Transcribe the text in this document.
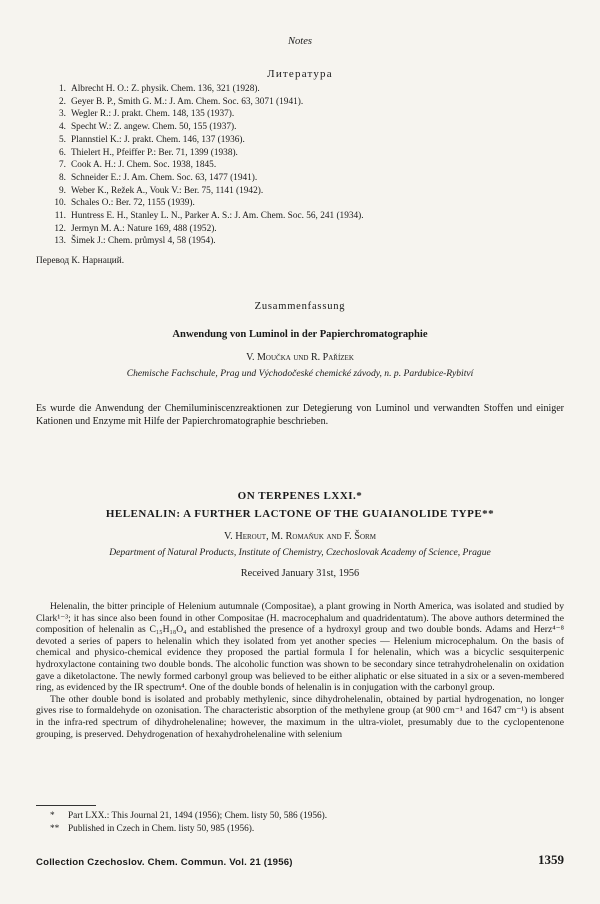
Notes
Литература
1. Albrecht H. O.: Z. physik. Chem. 136, 321 (1928).
2. Geyer B. P., Smith G. M.: J. Am. Chem. Soc. 63, 3071 (1941).
3. Wegler R.: J. prakt. Chem. 148, 135 (1937).
4. Specht W.: Z. angew. Chem. 50, 155 (1937).
5. Plannstiel K.: J. prakt. Chem. 146, 137 (1936).
6. Thielert H., Pfeiffer P.: Ber. 71, 1399 (1938).
7. Cook A. H.: J. Chem. Soc. 1938, 1845.
8. Schneider E.: J. Am. Chem. Soc. 63, 1477 (1941).
9. Weber K., Režek A., Vouk V.: Ber. 75, 1141 (1942).
10. Schales O.: Ber. 72, 1155 (1939).
11. Huntress E. H., Stanley L. N., Parker A. S.: J. Am. Chem. Soc. 56, 241 (1934).
12. Jermyn M. A.: Nature 169, 488 (1952).
13. Šimek J.: Chem. průmysl 4, 58 (1954).
Перевод К. Нарнаций.
Zusammenfassung
Anwendung von Luminol in der Papierchromatographie
V. Moučka und R. Pařízek
Chemische Fachschule, Prag und Východočeské chemické závody, n. p. Pardubice-Rybitví

Es wurde die Anwendung der Chemiluminiscenzreaktionen zur Detegierung von Luminol und verwandten Stoffen und einiger Kationen und Enzyme mit Hilfe der Papierchromatographie beschrieben.

ON TERPENES LXXI.*
HELENALIN: A FURTHER LACTONE OF THE GUAIANOLIDE TYPE**
V. Herout, M. Romaňuk and F. Šorm
Department of Natural Products, Institute of Chemistry, Czechoslovak Academy of Science, Prague
Received January 31st, 1956

Helenalin, the bitter principle of Helenium autumnale (Compositae), a plant growing in North America, was isolated and studied by Clark¹⁻³; it has since also been found in other Compositae (H. macrocephalum and quadridentatum). The above authors determined the composition of helenalin as C₁₅H₁₈O₄ and established the presence of a hydroxyl group and two double bonds. Adams and Herz⁴⁻⁸ devoted a series of papers to helenalin which they isolated from yet another species — Helenium microcephalum. On the basis of chemical and physico-chemical evidence they proposed the partial formula I for helenalin, which was a bicyclic sesquiterpenic hydroxylactone containing two double bonds. The alcoholic function was shown to be secondary since tetrahydrohelenalin on oxidation gave a diketolactone. The newly formed carbonyl group was believed to be either aliphatic or else situated in a six or a seven-membered ring, as evidenced by the IR spectrum⁴. One of the double bonds of helenalin is in conjugation with the carbonyl group.

The other double bond is isolated and probably methylenic, since dihydrohelenalin, obtained by partial hydrogenation, no longer gives rise to formaldehyde on ozonisation. The characteristic absorption of the methylene group (at 900 cm⁻¹ and 1647 cm⁻¹) is absent in the infra-red spectrum of dihydrohelenaline; however, the maximum in the ultra-violet, presumably due to the cyclopentenone grouping, is preserved. Dehydrogenation of hexahydrohelenaline with selenium

* Part LXX.: This Journal 21, 1494 (1956); Chem. listy 50, 586 (1956).
** Published in Czech in Chem. listy 50, 985 (1956).
Collection Czechoslov. Chem. Commun. Vol. 21 (1956)	1359
